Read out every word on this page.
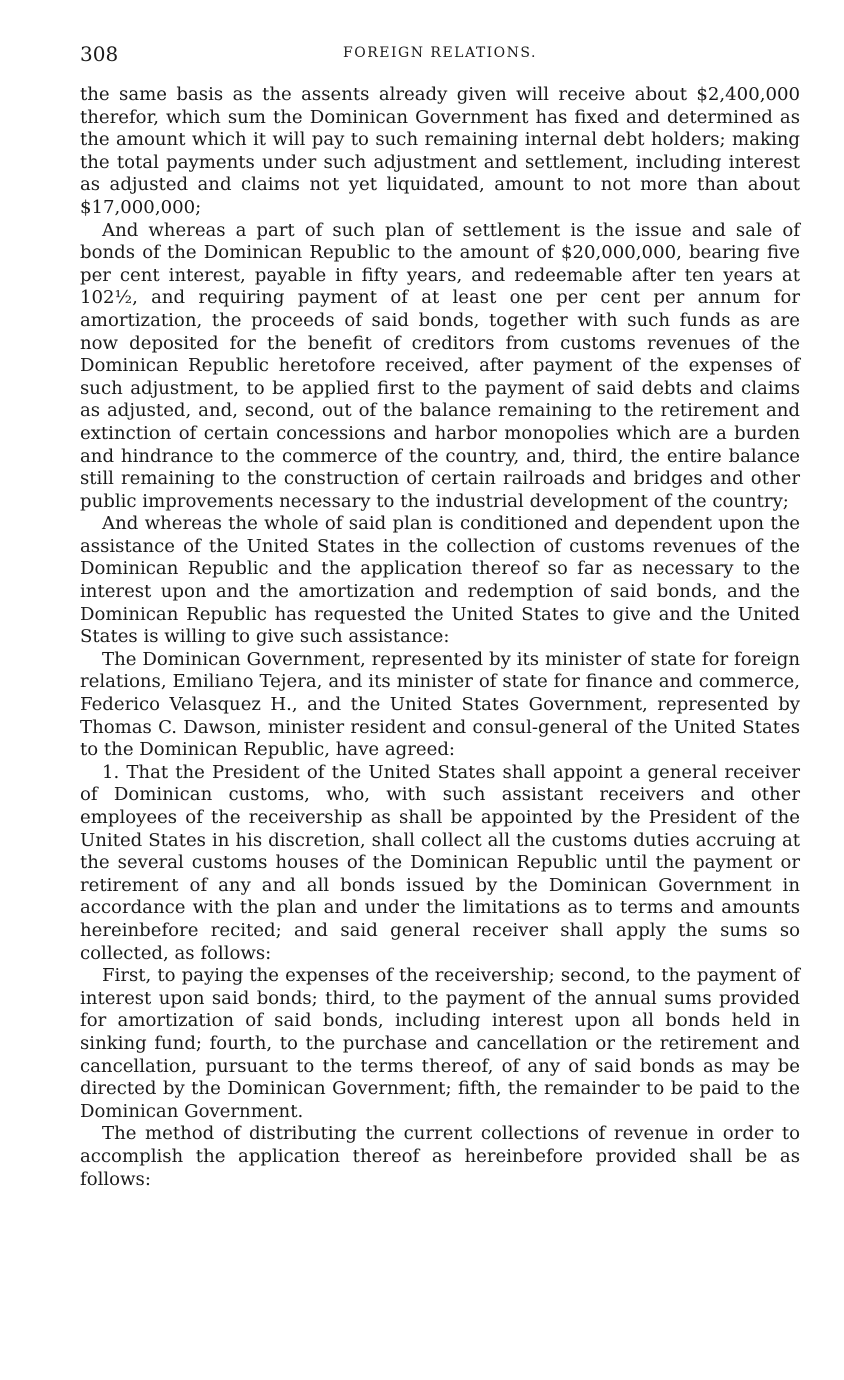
308	FOREIGN RELATIONS.

the same basis as the assents already given will receive about $2,400,000 therefor, which sum the Dominican Government has fixed and determined as the amount which it will pay to such remaining internal debt holders; making the total payments under such adjustment and settlement, including interest as adjusted and claims not yet liquidated, amount to not more than about $17,000,000;

And whereas a part of such plan of settlement is the issue and sale of bonds of the Dominican Republic to the amount of $20,000,000, bearing five per cent interest, payable in fifty years, and redeemable after ten years at 102½, and requiring payment of at least one per cent per annum for amortization, the proceeds of said bonds, together with such funds as are now deposited for the benefit of creditors from customs revenues of the Dominican Republic heretofore received, after payment of the expenses of such adjustment, to be applied first to the payment of said debts and claims as adjusted, and, second, out of the balance remaining to the retirement and extinction of certain concessions and harbor monopolies which are a burden and hindrance to the commerce of the country, and, third, the entire balance still remaining to the construction of certain railroads and bridges and other public improvements necessary to the industrial development of the country;

And whereas the whole of said plan is conditioned and dependent upon the assistance of the United States in the collection of customs revenues of the Dominican Republic and the application thereof so far as necessary to the interest upon and the amortization and redemption of said bonds, and the Dominican Republic has requested the United States to give and the United States is willing to give such assistance:

The Dominican Government, represented by its minister of state for foreign relations, Emiliano Tejera, and its minister of state for finance and commerce, Federico Velasquez H., and the United States Government, represented by Thomas C. Dawson, minister resident and consul-general of the United States to the Dominican Republic, have agreed:

1. That the President of the United States shall appoint a general receiver of Dominican customs, who, with such assistant receivers and other employees of the receivership as shall be appointed by the President of the United States in his discretion, shall collect all the customs duties accruing at the several customs houses of the Dominican Republic until the payment or retirement of any and all bonds issued by the Dominican Government in accordance with the plan and under the limitations as to terms and amounts hereinbefore recited; and said general receiver shall apply the sums so collected, as follows:

First, to paying the expenses of the receivership; second, to the payment of interest upon said bonds; third, to the payment of the annual sums provided for amortization of said bonds, including interest upon all bonds held in sinking fund; fourth, to the purchase and cancellation or the retirement and cancellation, pursuant to the terms thereof, of any of said bonds as may be directed by the Dominican Government; fifth, the remainder to be paid to the Dominican Government.

The method of distributing the current collections of revenue in order to accomplish the application thereof as hereinbefore provided shall be as follows:
